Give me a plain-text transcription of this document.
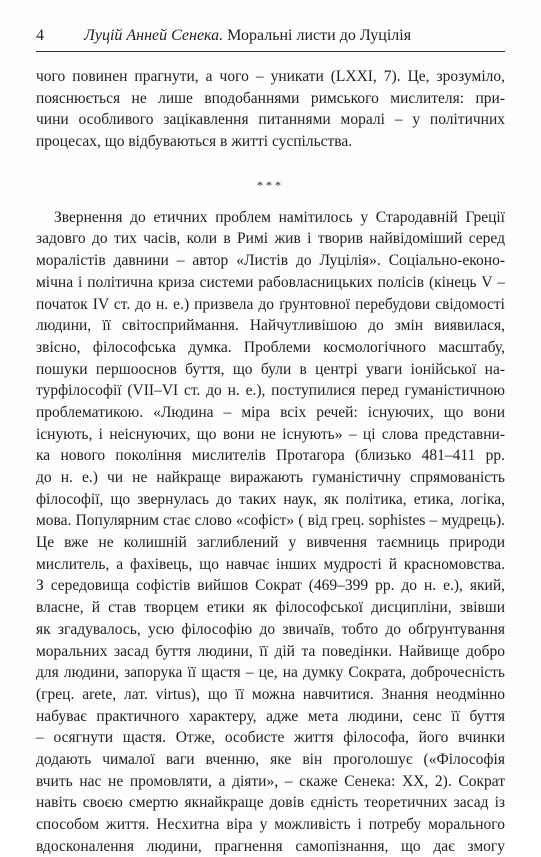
4	Луцій Анней Сенека. Моральні листи до Луцілія
чого повинен прагнути, а чого – уникати (LXXI, 7). Це, зрозуміло,
пояснюється не лише вподобаннями римського мислителя: при-
чини особливого зацікавлення питаннями моралі – у політичних
процесах, що відбуваються в житті суспільства.
***
Звернення до етичних проблем намітилось у Стародавній Греції
задовго до тих часів, коли в Римі жив і творив найвідоміший серед
моралістів давнини – автор «Листів до Луцілія». Соціально-еконо-
мічна і політична криза системи рабовласницьких полісів (кінець V –
початок IV ст. до н. е.) призвела до ґрунтовної перебудови свідомості
людини, її світосприймання. Найчутливішою до змін виявилася,
звісно, філософська думка. Проблеми космологічного масштабу,
пошуки першооснов буття, що були в центрі уваги іонійської на-
турфілософії (VII–VI ст. до н. е.), поступилися перед гуманістичною
проблематикою. «Людина – міра всіх речей: існуючих, що вони
існують, і неіснуючих, що вони не існують» – ці слова представни-
ка нового покоління мислителів Протагора (близько 481–411 рр.
до н. е.) чи не найкраще виражають гуманістичну спрямованість
філософії, що звернулась до таких наук, як політика, етика, логіка,
мова. Популярним стає слово «софіст» ( від грец. sophistes – мудрець).
Це вже не колишній заглиблений у вивчення таємниць природи
мислитель, а фахівець, що навчає інших мудрості й красномовства.
З середовища софістів вийшов Сократ (469–399 рр. до н. е.), який,
власне, й став творцем етики як філософської дисципліни, звівши
як згадувалось, усю філософію до звичаїв, тобто до обґрунтування
моральних засад буття людини, її дій та поведінки. Найвище добро
для людини, запорука її щастя – це, на думку Сократа, доброчесність
(грец. arete, лат. virtus), що її можна навчитися. Знання неодмінно
набуває практичного характеру, адже мета людини, сенс її буття
– осягнути щастя. Отже, особисте життя філософа, його вчинки
додають чималої ваги вченню, яке він проголошує («Філософія
вчить нас не промовляти, а діяти», – скаже Сенека: XX, 2). Сократ
навіть своєю смертю якнайкраще довів єдність теоретичних засад із
способом життя. Несхитна віра у можливість і потребу морального
вдосконалення людини, прагнення самопізнання, що дає змогу
